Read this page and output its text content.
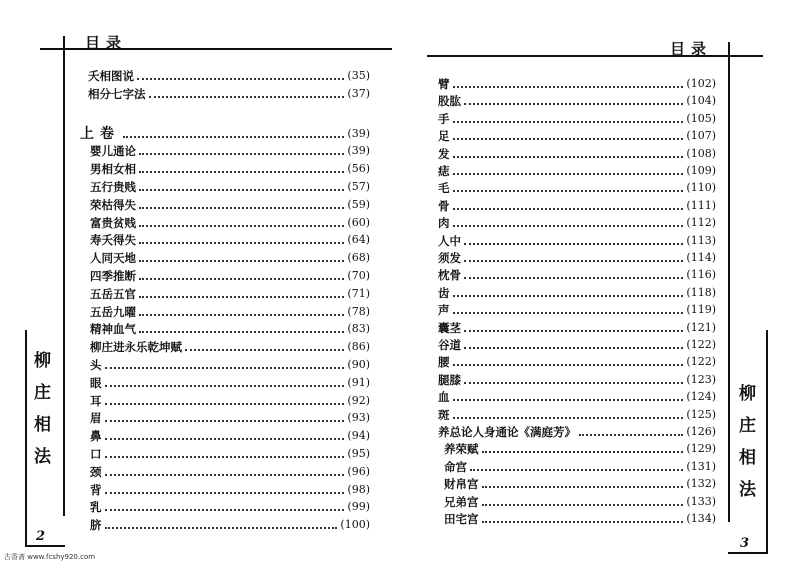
目录
夭相图说	(35)
相分七字法	(37)
上卷	(39)
婴儿通论	(39)
男相女相	(56)
五行贵贱	(57)
荣枯得失	(59)
富贵贫贱	(60)
寿夭得失	(64)
人同天地	(68)
四季推断	(70)
五岳五官	(71)
五岳九曜	(78)
精神血气	(83)
柳庄进永乐乾坤赋	(86)
头	(90)
眼	(91)
耳	(92)
眉	(93)
鼻	(94)
口	(95)
颈	(96)
背	(98)
乳	(99)
脐	(100)
柳
庄
相
法
2
古香斋 www.fcshy920.com
目录
臂	(102)
股肱	(104)
手	(105)
足	(107)
发	(108)
痣	(109)
毛	(110)
骨	(111)
肉	(112)
人中	(113)
须发	(114)
枕骨	(116)
齿	(118)
声	(119)
囊茎	(121)
谷道	(122)
腰	(122)
腿膝	(123)
血	(124)
斑	(125)
养总论人身通论《满庭芳》	(126)
养荣赋	(129)
命宫	(131)
财帛宫	(132)
兄弟宫	(133)
田宅宫	(134)
柳
庄
相
法
3
